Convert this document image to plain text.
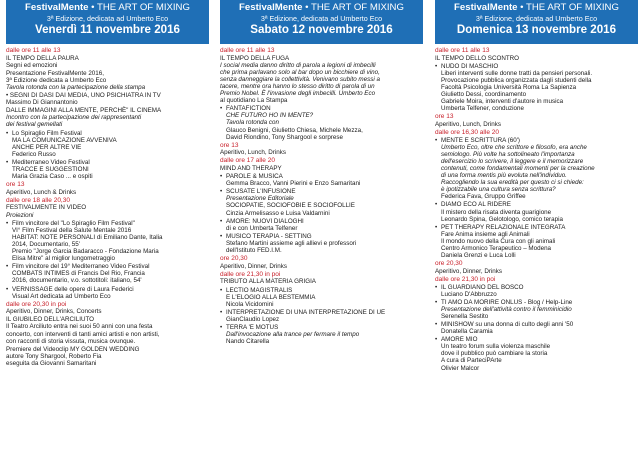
FestivalMente • THE ART OF MIXING
3ª Edizione, dedicata ad Umberto Eco
Venerdì 11 novembre 2016
dalle ore 11 alle 13
IL TEMPO DELLA PAURA
Segni ed emozioni
Presentazione FestivalMente 2016,
3ª Edizione dedicata a Umberto Eco
Tavola rotonda con la partecipazione della stampa
• SEGNI DI DASI DAI MEDIA, UNO PSICHIATRA IN TV
Massimo Di Giannantonio
DALLE IMMAGINI ALLA MENTE, PERCHÈ" IL CINEMA
Incontro con la partecipazione dei rappresentanti
dei festival gemellati
• Lo Spiraglio Film Festival
MA LA COMUNICAZIONE AVVENIVA
ANCHE PER ALTRE VIE
Federico Russo
• Mediterraneo Video Festival
TRACCE E SUGGESTIONI
Maria Grazia Caso ... e ospiti
ore 13
Aperitivo, Lunch & Drinks
dalle ore 18 alle 20,30
FESTIVALMENTE IN VIDEO
Proiezioni
• Film vincitore del "Lo Spiraglio Film Festival"
VI° Film Festival della Salute Mentale 2016
HABITAT: NOTE PERSONALI di Emiliano Dante, Italia
2014, Documentario, 55'
Premio "Jorge Garcia Badaracco - Fondazione Maria
Elisa Mitre" al miglior lungometraggio
• Film vincitore del 19° Mediterraneo Video Festival
COMBATS INTIMES di Francis Del Rio, Francia
2016, documentario, v.o. sottotitoli: italiano, 54'
• VERNISSAGE delle opere di Laura Federici
Visual Art dedicata ad Umberto Eco
dalle ore 20,30 in poi
Aperitivo, Dinner, Drinks, Concerts
IL GIUBILEO DELL'ARCILIUTO
Il Teatro Arciliuto entra nei suoi 50 anni con una festa
concerto, con interventi di tanti amici artisti e non artisti,
con racconti di storia vissuta, musica ovunque.
Premiere del Videoclip MY GOLDEN WEDDING
autore Tony Shargool, Roberto Fia
eseguita da Giovanni Samaritani
FestivalMente • THE ART OF MIXING
3ª Edizione, dedicata ad Umberto Eco
Sabato 12 novembre 2016
dalle ore 11 alle 13
IL TEMPO DELLA FUGA
I social media danno diritto di parola a legioni di imbecilli
che prima parlavano solo al bar dopo un bicchiere di vino,
senza danneggiare la collettività. Venivano subito messi a
tacere, mentre ora hanno lo stesso diritto di parola di un
Premio Nobel. È l'invasione degli imbecilli. Umberto Eco
al quotidiano La Stampa
• FANTAFICTION
CHE FUTURO HO IN MENTE?
Tavola rotonda con
Glauco Benigni, Giulietto Chiesa, Michele Mezza,
David Riondino, Tony Shargool e sorprese
ore 13
Aperitivo, Lunch, Drinks
dalle ore 17 alle 20
MIND AND THERAPY
• PAROLE & MUSICA
Gemma Bracco, Vanni Pierini e Enzo Samaritani
• SCUSATE L'INFUSIONE
Presentazione Editoriale
SOCIOPATIE, SOCIOFOBIE E SOCIOFOLLIE
Cinzia Armelisasso e Luisa Valdarnini
• AMORE: NUOVI DIALOGHI
di e con Umberta Telfener
• MUSICO TERAPIA - SETTING
Stefano Martini assieme agli allievi e professori
dell'Istituto FED.I.M.
ore 20,30
Aperitivo, Dinner, Drinks
dalle ore 21,30 in poi
TRIBUTO ALLA MATERIA GRIGIA
• LECTIO MAGISTRALIS
E L'ELOGIO ALLA BESTEMMIA
Nicola Vicidomini
• INTERPRETAZIONE DI UNA INTERPRETAZIONE DI UE
GianClaudio Lopez
• TERRA 'E MOTUS
Dall'invocazione alla trance per fermare il tempo
Nando Citarella
FestivalMente • THE ART OF MIXING
3ª Edizione, dedicata ad Umberto Eco
Domenica 13 novembre 2016
dalle ore 11 alle 13
IL TEMPO DELLO SCONTRO
• NUDO DI MASCHIO
Liberi interventi sulle donne tratti da pensieri personali.
Provocazione pubblica organizzata dagli studenti della
Facoltà Psicologia Università Roma La Sapienza
Giulietto Dessi, coordinamento
Gabriele Moira, interventi d'autore in musica
Umberta Telfener, conduzione
ore 13
Aperitivo, Lunch, Drinks
dalle ore 16,30 alle 20
• MENTE E SCRITTURA (60')
Umberto Eco, oltre che scrittore e filosofo, era anche
semiologo. Più volte ha sottolineato l'importanza
dell'esercizio lo scrivere, il leggere e il memorizzare
contenuti, come fondamentali momenti per la creazione
di una forma mentis più evoluta nell'individuo.
Raccogliendo la sua eredità per questo ci si chiede:
è ipotizzabile una cultura senza scrittura?
Federica Fava, Gruppo Griffee
• DIAMO ECO AL RIDERE
Il mistero della risata diventa guarigione
Leonardo Spina, Gelotologo, comico terapia
• PET THERAPY RELAZIONALE INTEGRATA
Fare Anima insieme agli Animali
Il mondo nuovo della Cura con gli animali
Centro Armonico Terapeutico – Modena
Daniela Grenzi e Luca Lolli
ore 20,30
Aperitivo, Dinner, Drinks
dalle ore 21,30 in poi
• IL GUARDIANO DEL BOSCO
Luciano D'Abbruzzo
• TI AMO DA MORIRE ONLUS - Blog / Help-Line
Presentazione dell'attività contro il femminicidio
Serenella Sestito
• MINISHOW su una donna di culto degli anni '50
Donatella Caramia
• AMORE MIO
Un teatro forum sulla violenza maschile
dove il pubblico può cambiare la storia
A cura di ParteciPArte
Olivier Malcor
